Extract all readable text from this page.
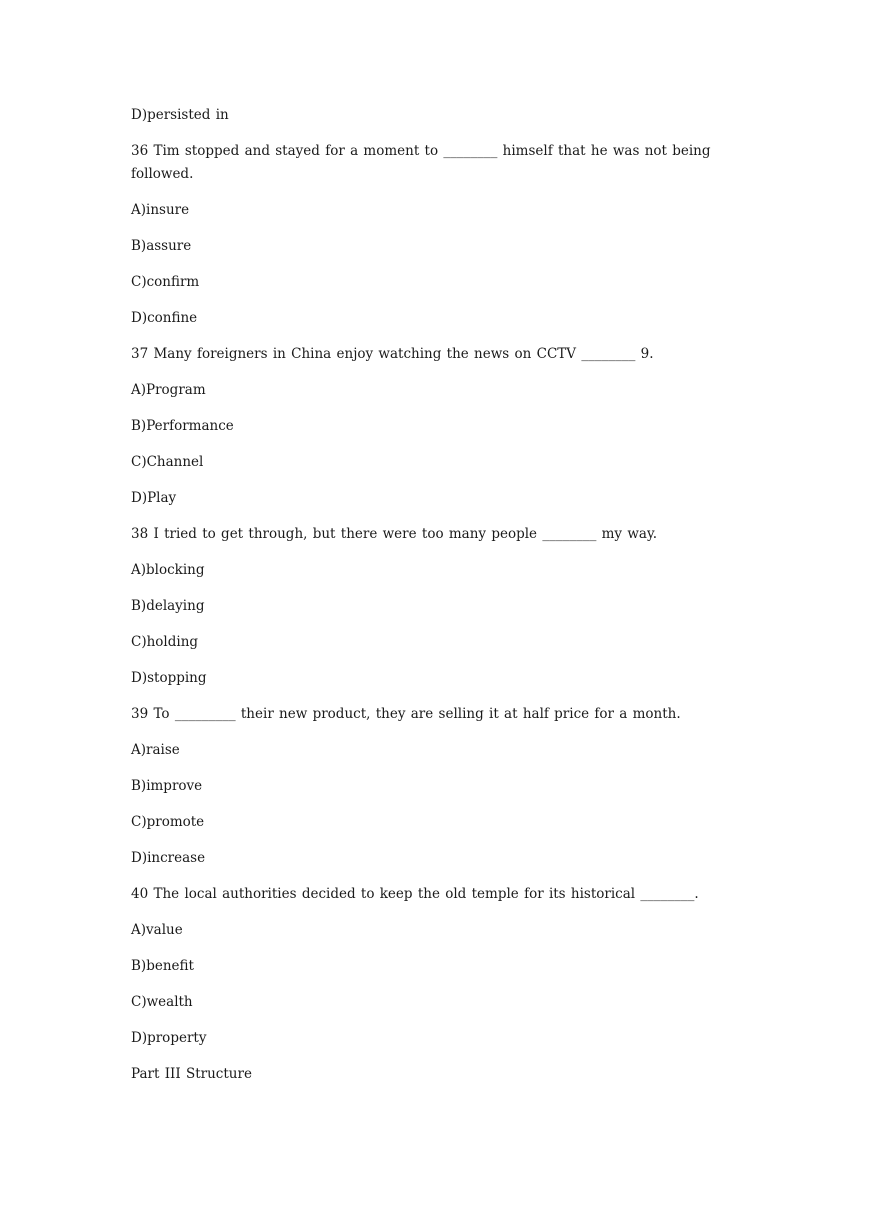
D)persisted in
36 Tim stopped and stayed for a moment to ________ himself that he was not being followed.
A)insure
B)assure
C)confirm
D)confine
37 Many foreigners in China enjoy watching the news on CCTV ________ 9.
A)Program
B)Performance
C)Channel
D)Play
38 I tried to get through, but there were too many people ________ my way.
A)blocking
B)delaying
C)holding
D)stopping
39 To _________ their new product, they are selling it at half price for a month.
A)raise
B)improve
C)promote
D)increase
40 The local authorities decided to keep the old temple for its historical ________.
A)value
B)benefit
C)wealth
D)property
Part III Structure
